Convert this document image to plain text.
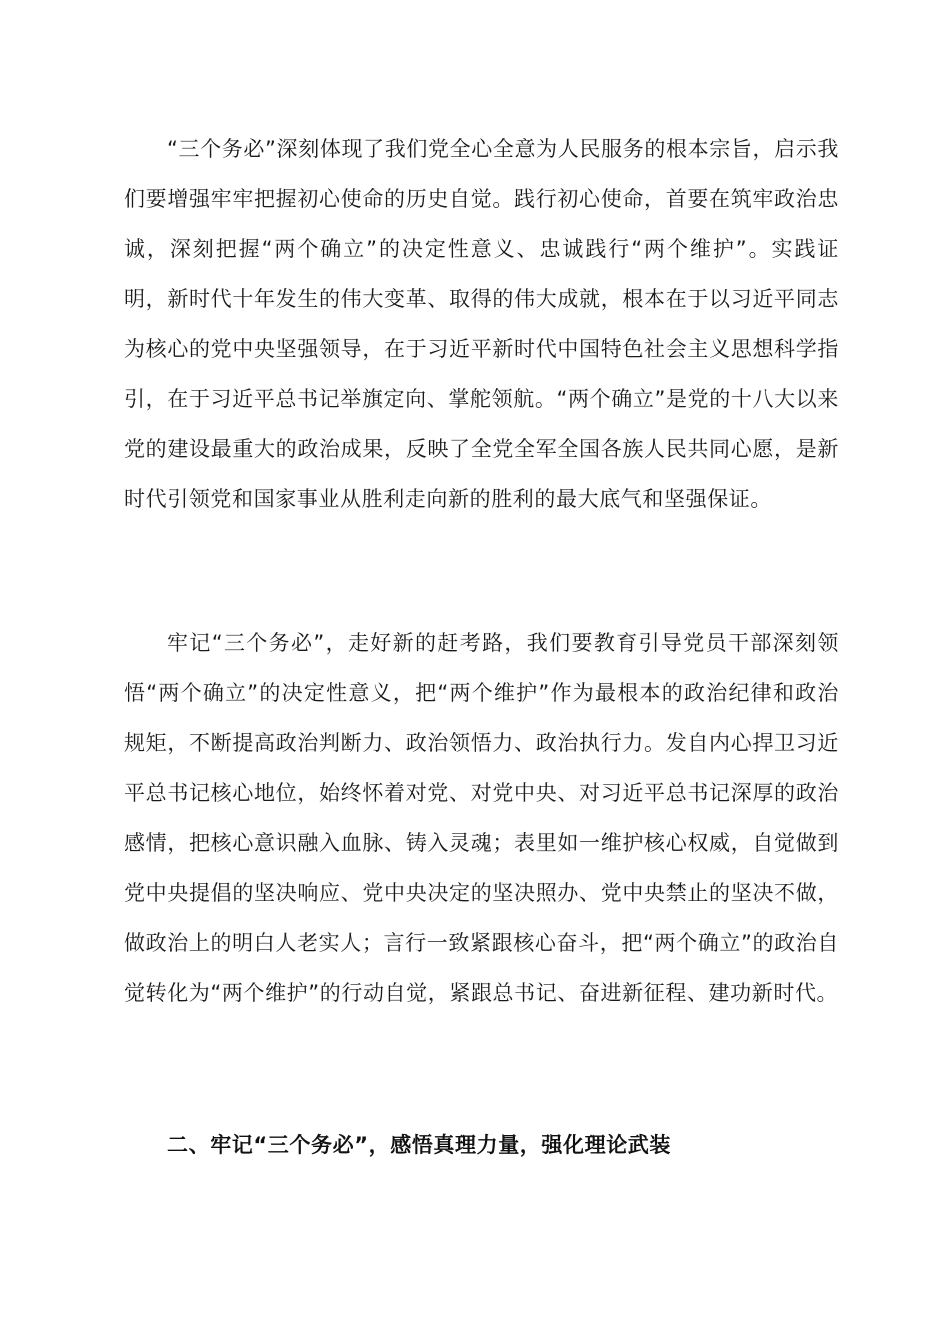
“三个务必”深刻体现了我们党全心全意为人民服务的根本宗旨，启示我们要增强牢牢把握初心使命的历史自觉。践行初心使命，首要在筑牢政治忠诚，深刻把握“两个确立”的决定性意义、忠诚践行“两个维护”。实践证明，新时代十年发生的伟大变革、取得的伟大成就，根本在于以习近平同志为核心的党中央坚强领导，在于习近平新时代中国特色社会主义思想科学指引，在于习近平总书记举旗定向、掌舵领航。“两个确立”是党的十八大以来党的建设最重大的政治成果，反映了全党全军全国各族人民共同心愿，是新时代引领党和国家事业从胜利走向新的胜利的最大底气和坚强保证。

牢记“三个务必”，走好新的赶考路，我们要教育引导党员干部深刻领悟“两个确立”的决定性意义，把“两个维护”作为最根本的政治纪律和政治规矩，不断提高政治判断力、政治领悟力、政治执行力。发自内心捍卫习近平总书记核心地位，始终怀着对党、对党中央、对习近平总书记深厚的政治感情，把核心意识融入血脉、铸入灵魂；表里如一维护核心权威，自觉做到党中央提倡的坚决响应、党中央决定的坚决照办、党中央禁止的坚决不做，做政治上的明白人老实人；言行一致紧跟核心奋斗，把“两个确立”的政治自觉转化为“两个维护”的行动自觉，紧跟总书记、奋进新征程、建功新时代。

二、牢记“三个务必”，感悟真理力量，强化理论武装
